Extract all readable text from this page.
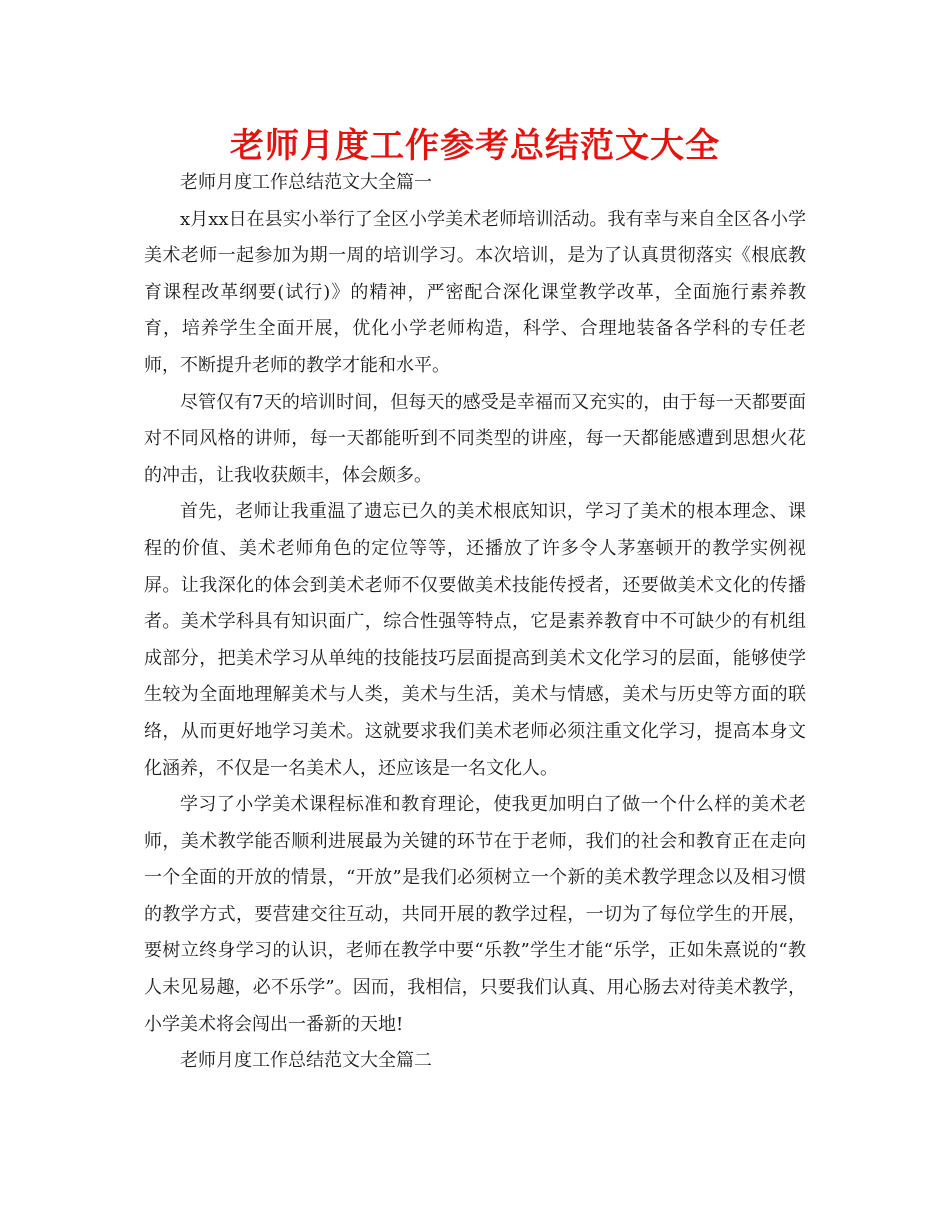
老师月度工作参考总结范文大全

老师月度工作总结范文大全篇一

x月xx日在县实小举行了全区小学美术老师培训活动。我有幸与来自全区各小学美术老师一起参加为期一周的培训学习。本次培训，是为了认真贯彻落实《根底教育课程改革纲要(试行)》的精神，严密配合深化课堂教学改革，全面施行素养教育，培养学生全面开展，优化小学老师构造，科学、合理地装备各学科的专任老师，不断提升老师的教学才能和水平。

尽管仅有7天的培训时间，但每天的感受是幸福而又充实的，由于每一天都要面对不同风格的讲师，每一天都能听到不同类型的讲座，每一天都能感遭到思想火花的冲击，让我收获颇丰，体会颇多。

首先，老师让我重温了遗忘已久的美术根底知识，学习了美术的根本理念、课程的价值、美术老师角色的定位等等，还播放了许多令人茅塞顿开的教学实例视屏。让我深化的体会到美术老师不仅要做美术技能传授者，还要做美术文化的传播者。美术学科具有知识面广，综合性强等特点，它是素养教育中不可缺少的有机组成部分，把美术学习从单纯的技能技巧层面提高到美术文化学习的层面，能够使学生较为全面地理解美术与人类，美术与生活，美术与情感，美术与历史等方面的联络，从而更好地学习美术。这就要求我们美术老师必须注重文化学习，提高本身文化涵养，不仅是一名美术人，还应该是一名文化人。

学习了小学美术课程标准和教育理论，使我更加明白了做一个什么样的美术老师，美术教学能否顺利进展最为关键的环节在于老师，我们的社会和教育正在走向一个全面的开放的情景，“开放”是我们必须树立一个新的美术教学理念以及相习惯的教学方式，要营建交往互动，共同开展的教学过程，一切为了每位学生的开展，要树立终身学习的认识，老师在教学中要“乐教”学生才能“乐学，正如朱熹说的“教人未见易趣，必不乐学”。因而，我相信，只要我们认真、用心肠去对待美术教学，小学美术将会闯出一番新的天地!

老师月度工作总结范文大全篇二
